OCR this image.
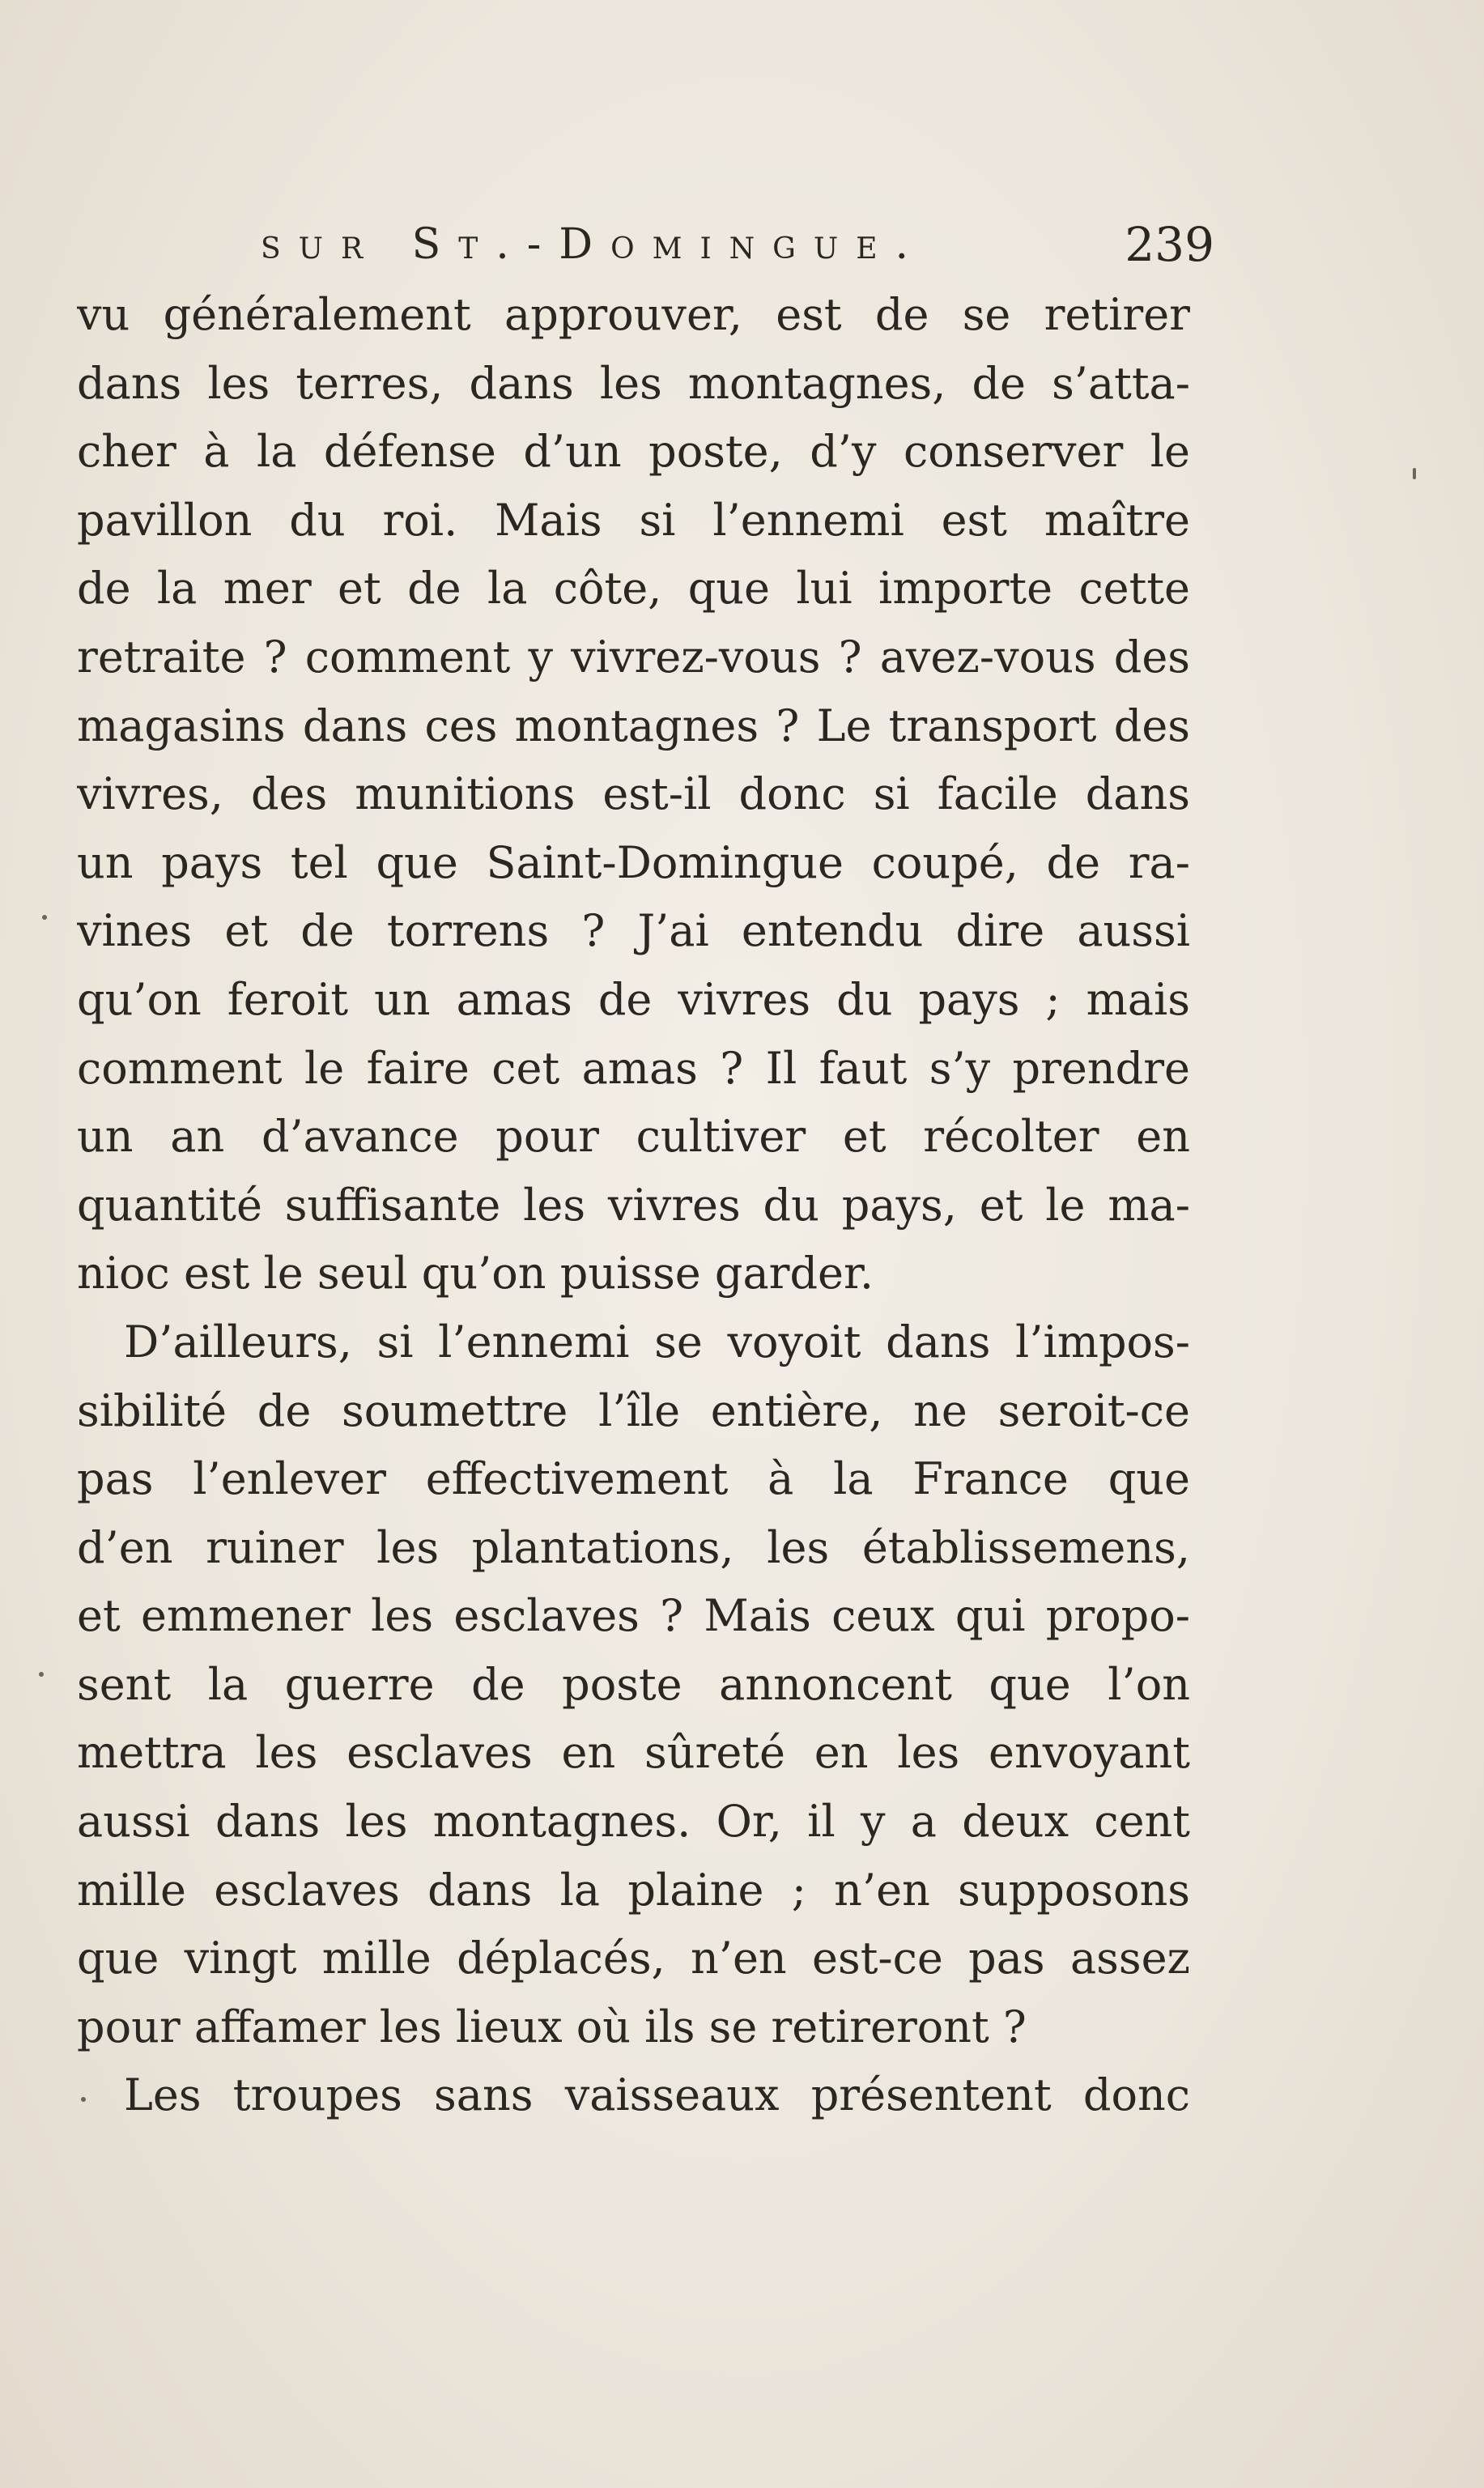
sur St.-Domingue.	239
vu généralement approuver, est de se retirer
dans les terres, dans les montagnes, de s’atta-
cher à la défense d’un poste, d’y conserver le
pavillon du roi. Mais si l’ennemi est maître
de la mer et de la côte, que lui importe cette
retraite ? comment y vivrez-vous ? avez-vous des
magasins dans ces montagnes ? Le transport des
vivres, des munitions est-il donc si facile dans
un pays tel que Saint-Domingue coupé, de ra-
vines et de torrens ? J’ai entendu dire aussi
qu’on feroit un amas de vivres du pays ; mais
comment le faire cet amas ? Il faut s’y prendre
un an d’avance pour cultiver et récolter en
quantité suffisante les vivres du pays, et le ma-
nioc est le seul qu’on puisse garder.
D’ailleurs, si l’ennemi se voyoit dans l’impos-
sibilité de soumettre l’île entière, ne seroit-ce
pas l’enlever effectivement à la France que
d’en ruiner les plantations, les établissemens,
et emmener les esclaves ? Mais ceux qui propo-
sent la guerre de poste annoncent que l’on
mettra les esclaves en sûreté en les envoyant
aussi dans les montagnes. Or, il y a deux cent
mille esclaves dans la plaine ; n’en supposons
que vingt mille déplacés, n’en est-ce pas assez
pour affamer les lieux où ils se retireront ?
Les troupes sans vaisseaux présentent donc
